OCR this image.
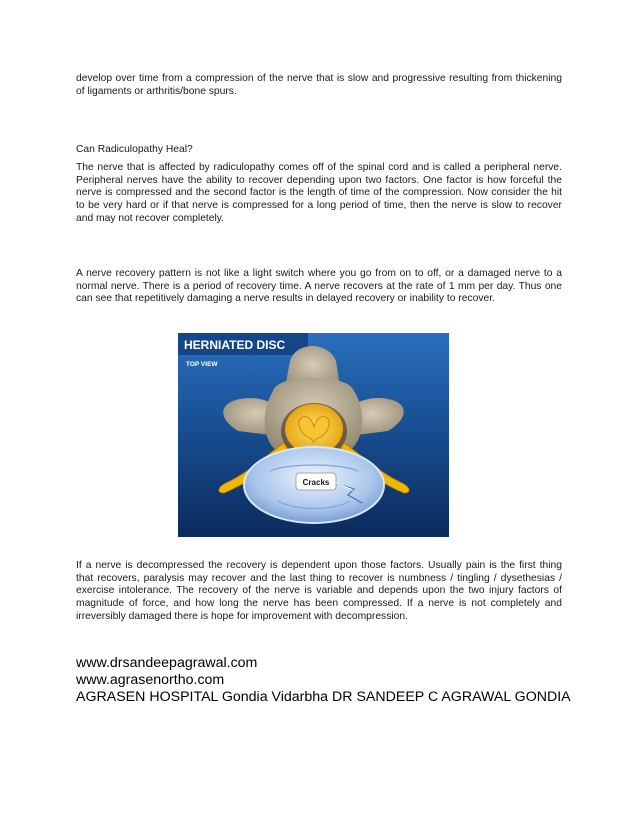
develop over time from a compression of the nerve that is slow and progressive resulting from thickening of ligaments or arthritis/bone spurs.

Can Radiculopathy Heal?

The nerve that is affected by radiculopathy comes off of the spinal cord and is called a peripheral nerve. Peripheral nerves have the ability to recover depending upon two factors. One factor is how forceful the nerve is compressed and the second factor is the length of time of the compression. Now consider the hit to be very hard or if that nerve is compressed for a long period of time, then the nerve is slow to recover and may not recover completely.

A nerve recovery pattern is not like a light switch where you go from on to off, or a damaged nerve to a normal nerve. There is a period of recovery time. A nerve recovers at the rate of 1 mm per day. Thus one can see that repetitively damaging a nerve results in delayed recovery or inability to recover.

HERNIATED DISC
TOP VIEW
Cracks

If a nerve is decompressed the recovery is dependent upon those factors. Usually pain is the first thing that recovers, paralysis may recover and the last thing to recover is numbness / tingling / dysethesias / exercise intolerance. The recovery of the nerve is variable and depends upon the two injury factors of magnitude of force, and how long the nerve has been compressed. If a nerve is not completely and irreversibly damaged there is hope for improvement with decompression.

www.drsandeepagrawal.com
www.agrasenortho.com
AGRASEN HOSPITAL Gondia Vidarbha DR SANDEEP C AGRAWAL GONDIA
